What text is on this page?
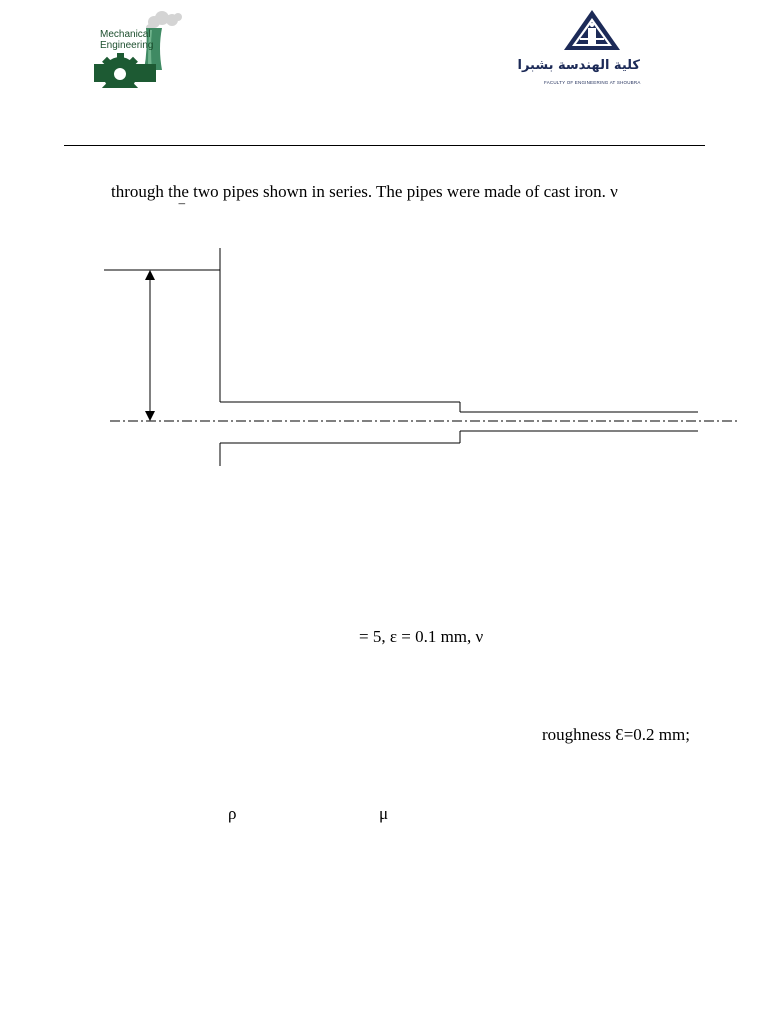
Mechanical
Engineering
كلية الهندسة بشبرا
FACULTY OF ENGINEERING AT SHOUBRA
through the two pipes shown in series. The pipes were made of cast iron. ν
‾
= 5, ε = 0.1 mm, ν
roughness Ɛ=0.2 mm;
ρ	μ
